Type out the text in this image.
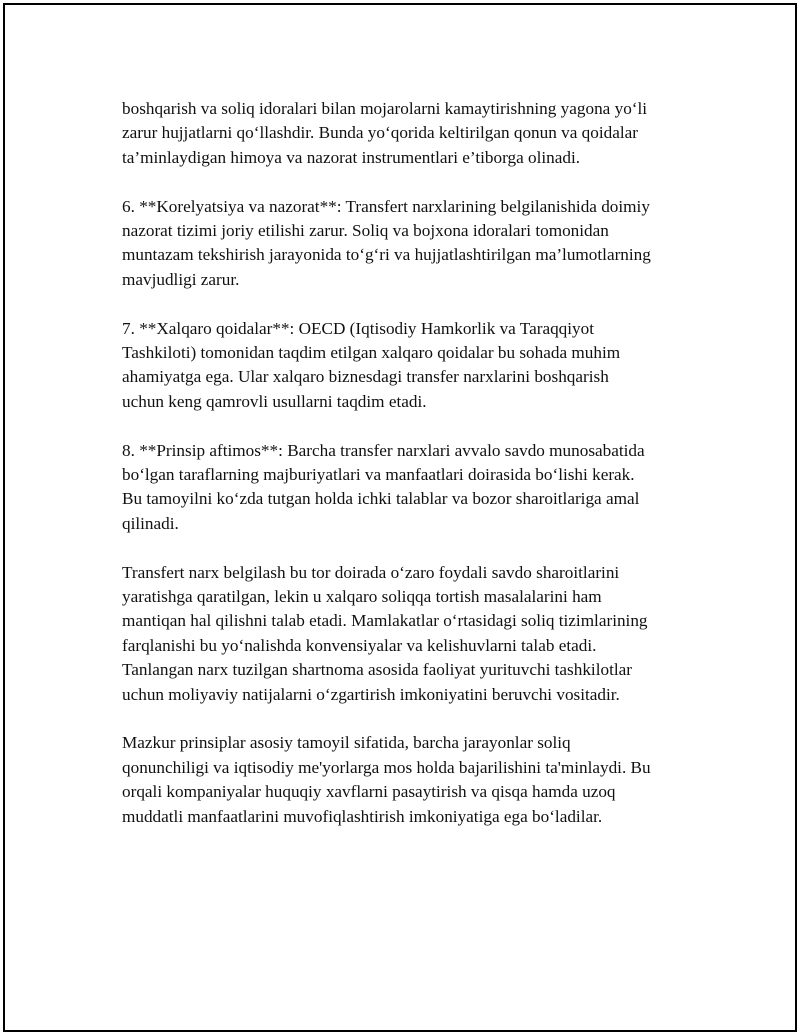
boshqarish va soliq idoralari bilan mojarolarni kamaytirishning yagona yo‘li
zarur hujjatlarni qo‘llashdir. Bunda yo‘qorida keltirilgan qonun va qoidalar
ta’minlaydigan himoya va nazorat instrumentlari e’tiborga olinadi.

6. **Korelyatsiya va nazorat**: Transfert narxlarining belgilanishida doimiy
nazorat tizimi joriy etilishi zarur. Soliq va bojxona idoralari tomonidan
muntazam tekshirish jarayonida to‘g‘ri va hujjatlashtirilgan ma’lumotlarning
mavjudligi zarur.

7. **Xalqaro qoidalar**: OECD (Iqtisodiy Hamkorlik va Taraqqiyot
Tashkiloti) tomonidan taqdim etilgan xalqaro qoidalar bu sohada muhim
ahamiyatga ega. Ular xalqaro biznesdagi transfer narxlarini boshqarish
uchun keng qamrovli usullarni taqdim etadi.

8. **Prinsip aftimos**: Barcha transfer narxlari avvalo savdo munosabatida
bo‘lgan taraflarning majburiyatlari va manfaatlari doirasida bo‘lishi kerak.
Bu tamoyilni ko‘zda tutgan holda ichki talablar va bozor sharoitlariga amal
qilinadi.

Transfert narx belgilash bu tor doirada o‘zaro foydali savdo sharoitlarini
yaratishga qaratilgan, lekin u xalqaro soliqqa tortish masalalarini ham
mantiqan hal qilishni talab etadi. Mamlakatlar o‘rtasidagi soliq tizimlarining
farqlanishi bu yo‘nalishda konvensiyalar va kelishuvlarni talab etadi.
Tanlangan narx tuzilgan shartnoma asosida faoliyat yurituvchi tashkilotlar
uchun moliyaviy natijalarni o‘zgartirish imkoniyatini beruvchi vositadir.

Mazkur prinsiplar asosiy tamoyil sifatida, barcha jarayonlar soliq
qonunchiligi va iqtisodiy me'yorlarga mos holda bajarilishini ta'minlaydi. Bu
orqali kompaniyalar huquqiy xavflarni pasaytirish va qisqa hamda uzoq
muddatli manfaatlarini muvofiqlashtirish imkoniyatiga ega bo‘ladilar.
